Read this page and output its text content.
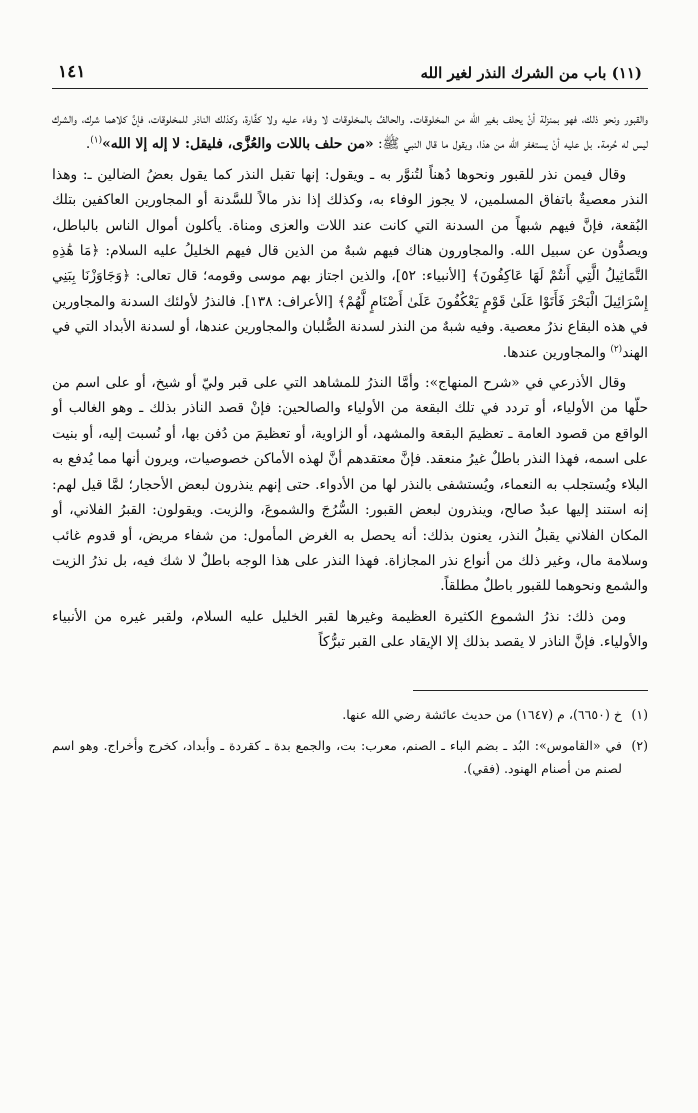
(١١) باب من الشرك النذر لغير الله
١٤١

والقبور ونحو ذلك، فهو بمنزلة أنْ يحلف بغير الله من المخلوقات. والحالفُ بالمخلوقات لا وفاء عليه ولا كفَّارة، وكذلك الناذر للمخلوقات، فإنَّ كلاهما شرك، والشرك ليس له حُرمة. بل عليه أنْ يستغفر الله من هذا، ويقول ما قال النبي ﷺ: «من حلف باللات والعُزَّى، فليقل: لا إله إلا الله»$^{(١)}$.

وقال فيمن نذر للقبور ونحوها دُهناً لتُنوَّر به ـ ويقول: إنها تقبل النذر كما يقول بعضُ الضالين ـ: وهذا النذر معصيةٌ باتفاق المسلمين، لا يجوز الوفاء به، وكذلك إذا نذر مالاً للسَّدنة أو المجاورين العاكفين بتلك البُقعة، فإنَّ فيهم شبهاً من السدنة التي كانت عند اللات والعزى ومناة. يأكلون أموال الناس بالباطل، ويصدُّون عن سبيل الله. والمجاورون هناك فيهم شبهٌ من الذين قال فيهم الخليلُ عليه السلام: ﴿مَا هَٰذِهِ التَّمَاثِيلُ الَّتِي أَنتُمْ لَهَا عَاكِفُونَ﴾ [الأنبياء: ٥٢]، والذين اجتاز بهم موسى وقومه؛ قال تعالى: ﴿وَجَاوَزْنَا بِبَنِي إِسْرَائِيلَ الْبَحْرَ فَأَتَوْا عَلَىٰ قَوْمٍ يَعْكُفُونَ عَلَىٰ أَصْنَامٍ لَّهُمْ﴾ [الأعراف: ١٣٨]. فالنذرُ لأولئك السدنة والمجاورين في هذه البقاع نذرُ معصية. وفيه شبهٌ من النذر لسدنة الصُّلبان والمجاورين عندها، أو لسدنة الأبداد التي في الهند$^{(٢)}$ والمجاورين عندها.

وقال الأذرعي في «شرح المنهاج»: وأمَّا النذرُ للمشاهد التي على قبر وليّ أو شيخ، أو على اسم من حلّها من الأولياء، أو تردد في تلك البقعة من الأولياء والصالحين: فإنْ قصد الناذر بذلك ـ وهو الغالب أو الواقع من قصود العامة ـ تعظيمَ البقعة والمشهد، أو الزاوية، أو تعظيمَ من دُفن بها، أو نُسبت إليه، أو بنيت على اسمه، فهذا النذر باطلٌ غيرُ منعقد. فإنَّ معتقدهم أنَّ لهذه الأماكن خصوصيات، ويرون أنها مما يُدفع به البلاء ويُستجلب به النعماء، ويُستشفى بالنذر لها من الأدواء. حتى إنهم ينذرون لبعض الأحجار؛ لمَّا قيل لهم: إنه استند إليها عبدٌ صالح، وينذرون لبعض القبور: السُّرُجَ والشموعَ، والزيت. ويقولون: القبرُ الفلاني، أو المكان الفلاني يقبلُ النذر، يعنون بذلك: أنه يحصل به الغرض المأمول: من شفاء مريض، أو قدوم غائب وسلامة مال، وغير ذلك من أنواع نذر المجازاة. فهذا النذر على هذا الوجه باطلٌ لا شك فيه، بل نذرُ الزيت والشمع ونحوهما للقبور باطلٌ مطلقاً.

ومن ذلك: نذرُ الشموع الكثيرة العظيمة وغيرها لقبر الخليل عليه السلام، ولقبر غيره من الأنبياء والأولياء. فإنَّ الناذر لا يقصد بذلك إلا الإيقاد على القبر تبرُّكاً

(١)
خ (٦٦٥٠)، م (١٦٤٧) من حديث عائشة رضي الله عنها.
(٢)
في «القاموس»: البُد ـ بضم الباء ـ الصنم، معرب: بت، والجمع بدة ـ كقردة ـ وأبداد، كخرج وأخراج. وهو اسم لصنم من أصنام الهنود. (فقي).
